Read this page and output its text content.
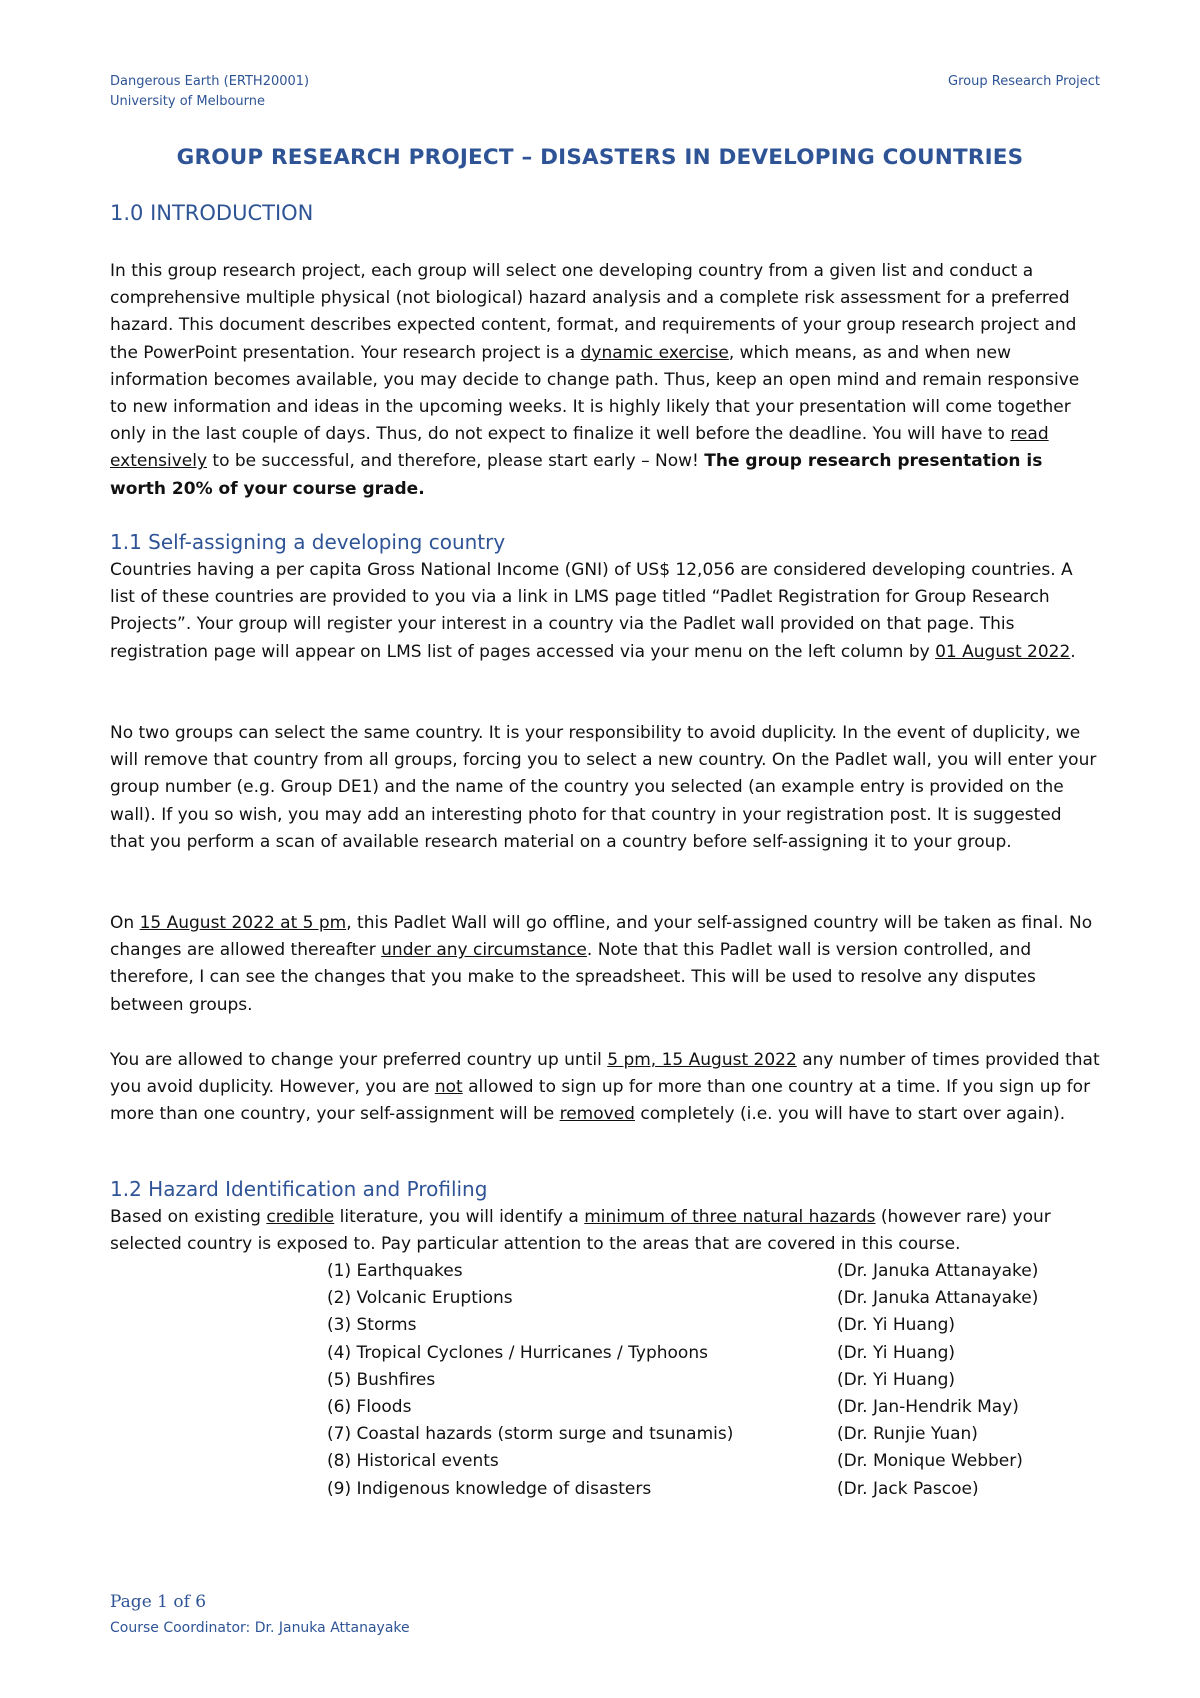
Dangerous Earth (ERTH20001)
University of Melbourne
Group Research Project
GROUP RESEARCH PROJECT – DISASTERS IN DEVELOPING COUNTRIES
1.0 INTRODUCTION
In this group research project, each group will select one developing country from a given list and conduct a comprehensive multiple physical (not biological) hazard analysis and a complete risk assessment for a preferred hazard. This document describes expected content, format, and requirements of your group research project and the PowerPoint presentation. Your research project is a dynamic exercise, which means, as and when new information becomes available, you may decide to change path. Thus, keep an open mind and remain responsive to new information and ideas in the upcoming weeks. It is highly likely that your presentation will come together only in the last couple of days. Thus, do not expect to finalize it well before the deadline. You will have to read extensively to be successful, and therefore, please start early – Now! The group research presentation is worth 20% of your course grade.
1.1 Self-assigning a developing country
Countries having a per capita Gross National Income (GNI) of US$ 12,056 are considered developing countries. A list of these countries are provided to you via a link in LMS page titled “Padlet Registration for Group Research Projects”. Your group will register your interest in a country via the Padlet wall provided on that page. This registration page will appear on LMS list of pages accessed via your menu on the left column by 01 August 2022.
No two groups can select the same country. It is your responsibility to avoid duplicity. In the event of duplicity, we will remove that country from all groups, forcing you to select a new country. On the Padlet wall, you will enter your group number (e.g. Group DE1) and the name of the country you selected (an example entry is provided on the wall). If you so wish, you may add an interesting photo for that country in your registration post. It is suggested that you perform a scan of available research material on a country before self-assigning it to your group.
On 15 August 2022 at 5 pm, this Padlet Wall will go offline, and your self-assigned country will be taken as final. No changes are allowed thereafter under any circumstance. Note that this Padlet wall is version controlled, and therefore, I can see the changes that you make to the spreadsheet. This will be used to resolve any disputes between groups.
You are allowed to change your preferred country up until 5 pm, 15 August 2022 any number of times provided that you avoid duplicity. However, you are not allowed to sign up for more than one country at a time. If you sign up for more than one country, your self-assignment will be removed completely (i.e. you will have to start over again).
1.2 Hazard Identification and Profiling
Based on existing credible literature, you will identify a minimum of three natural hazards (however rare) your selected country is exposed to. Pay particular attention to the areas that are covered in this course.
(1) Earthquakes	(Dr. Januka Attanayake)
(2) Volcanic Eruptions	(Dr. Januka Attanayake)
(3) Storms	(Dr. Yi Huang)
(4) Tropical Cyclones / Hurricanes / Typhoons	(Dr. Yi Huang)
(5) Bushfires	(Dr. Yi Huang)
(6) Floods	(Dr. Jan-Hendrik May)
(7) Coastal hazards (storm surge and tsunamis)	(Dr. Runjie Yuan)
(8) Historical events	(Dr. Monique Webber)
(9) Indigenous knowledge of disasters	(Dr. Jack Pascoe)
Page 1 of 6
Course Coordinator: Dr. Januka Attanayake
